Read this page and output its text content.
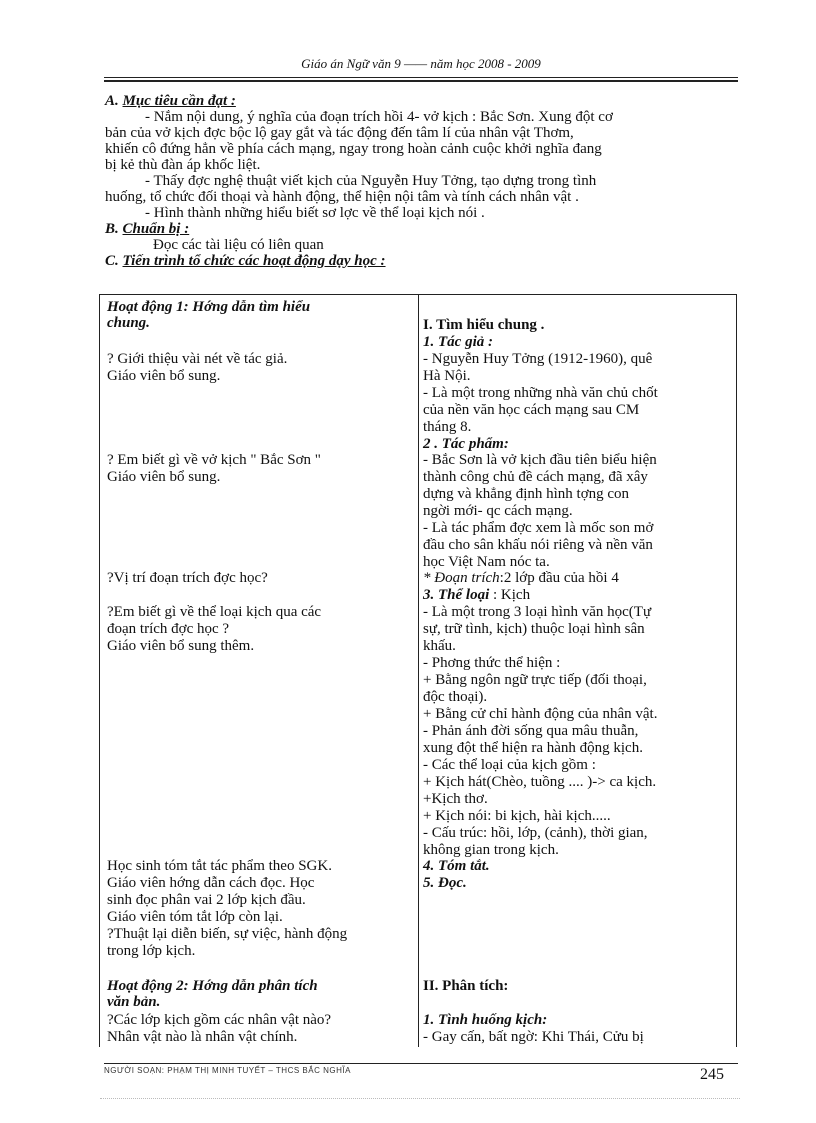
Giáo án Ngữ văn 9 —— năm học 2008 - 2009

A. Mục tiêu cần đạt :

- Nắm nội dung, ý nghĩa của đoạn trích hồi 4- vở kịch : Bắc Sơn. Xung đột cơ

bản của vở kịch đợc bộc lộ gay gắt và tác động đến tâm lí của nhân vật Thơm,

khiến cô đứng hẳn về phía cách mạng, ngay trong hoàn cảnh cuộc khởi nghĩa đang

bị kẻ thù đàn áp khốc liệt.

- Thấy đợc nghệ thuật viết kịch của Nguyễn Huy Tởng, tạo dựng trong tình

huống, tổ chức đối thoại và hành động, thể hiện nội tâm và tính cách nhân vật .

- Hình thành những hiểu biết sơ lợc về thể loại kịch nói .

B. Chuẩn bị :

Đọc các tài liệu có liên quan

C. Tiến trình tổ chức các hoạt động dạy học :

Hoạt động 1: Hớng dẫn tìm hiểu
chung.
? Giới thiệu vài nét về tác giả.
Giáo viên bổ sung.
? Em biết gì về vở kịch " Bắc Sơn "
Giáo viên bổ sung.
?Vị trí đoạn trích đợc học?
?Em biết gì về thể loại kịch qua các
đoạn trích đợc học ?
Giáo viên bổ sung thêm.
Học sinh tóm tắt tác phẩm theo SGK.
Giáo viên hớng dẫn cách đọc. Học
sinh đọc phân vai 2 lớp kịch đầu.
Giáo viên tóm tắt lớp còn lại.
?Thuật lại diễn biến, sự việc, hành động
trong lớp kịch.
Hoạt động 2: Hớng dẫn phân tích
văn bản.
?Các lớp kịch gồm các nhân vật nào?
Nhân vật nào là nhân vật chính.
I. Tìm hiểu chung .
1. Tác giả :
- Nguyễn Huy Tởng (1912-1960), quê
Hà Nội.
- Là một trong những nhà văn chủ chốt
của nền văn học cách mạng sau CM
tháng 8.
2 . Tác phẩm:
- Bắc Sơn là vở kịch đầu tiên biểu hiện
thành công chủ đề cách mạng, đã xây
dựng và khẳng định hình tợng con
ngời mới- qc cách mạng.
- Là tác phẩm đợc xem là mốc son mở
đầu cho sân khấu nói riêng và nền văn
học Việt Nam nóc ta.
* Đoạn trích:2 lớp đầu của hồi 4
3. Thể loại : Kịch
- Là một trong 3 loại hình văn học(Tự
sự, trữ tình, kịch) thuộc loại hình sân
khấu.
- Phơng thức thể hiện :
+ Bằng ngôn ngữ trực tiếp (đối thoại,
độc thoại).
+ Bằng cử chỉ hành động của nhân vật.
- Phản ánh đời sống qua mâu thuẫn,
xung đột thể hiện ra hành động kịch.
- Các thể loại của kịch gồm :
+ Kịch hát(Chèo, tuồng .... )-> ca kịch.
+Kịch thơ.
+ Kịch nói: bi kịch, hài kịch.....
- Cấu trúc: hồi, lớp, (cảnh), thời gian,
không gian trong kịch.
4. Tóm tắt.
5. Đọc.
II. Phân tích:
1. Tình huống kịch:
- Gay cấn, bất ngờ: Khi Thái, Cửu bị
NGƯỜI SOẠN: PHẠM THỊ MINH TUYẾT – THCS BẮC NGHĨA	245
